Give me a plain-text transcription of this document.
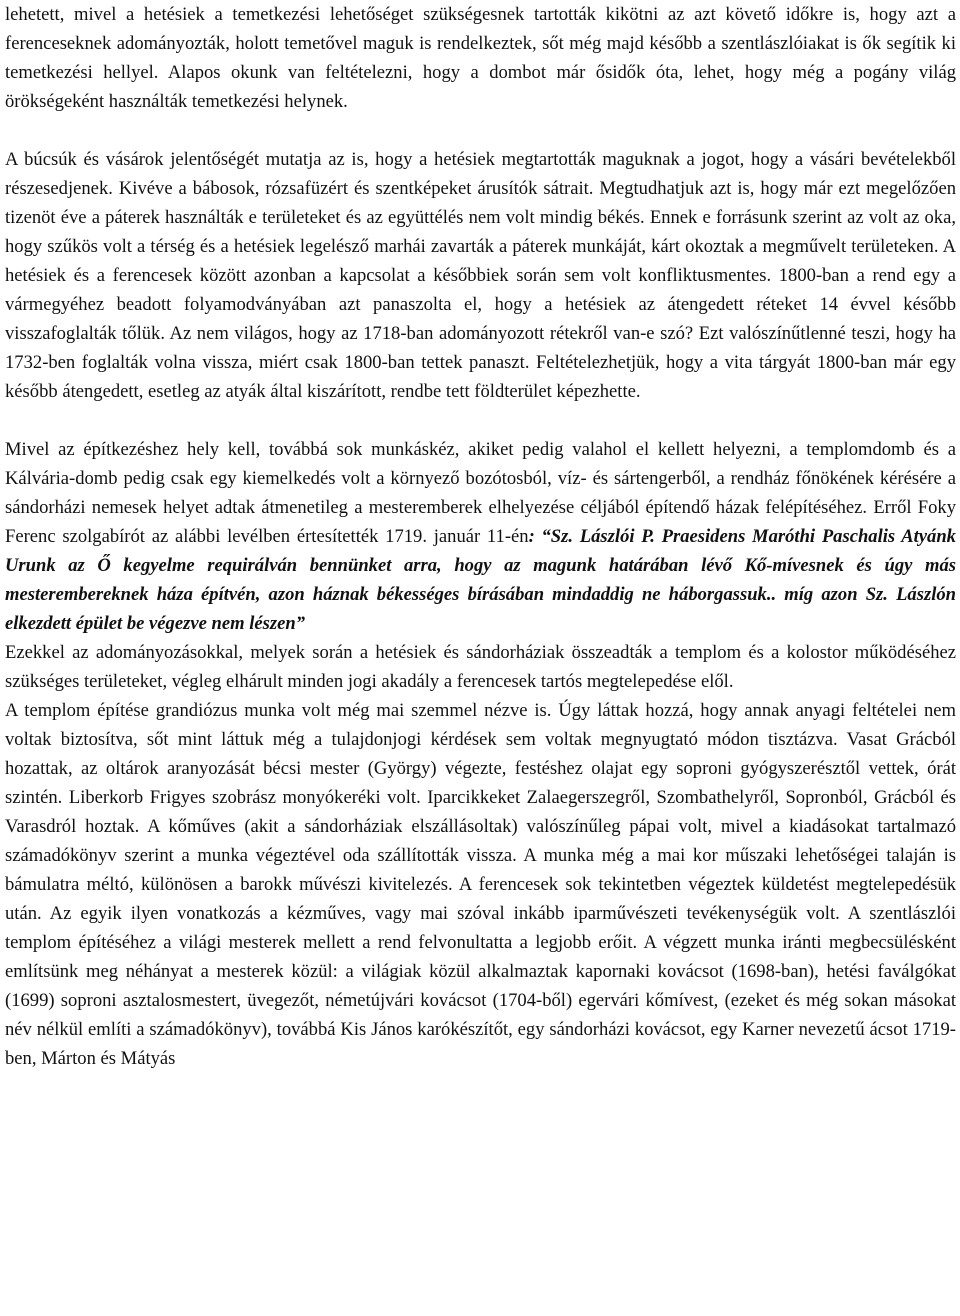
lehetett, mivel a hetésiek a temetkezési lehetőséget szükségesnek tartották kikötni az azt követő időkre is, hogy azt a ferenceseknek adományozták, holott temetővel maguk is rendelkeztek, sőt még majd később a szentlászlóiakat is ők segítik ki temetkezési hellyel. Alapos okunk van feltételezni, hogy a dombot már ősidők óta, lehet, hogy még a pogány világ örökségeként használták temetkezési helynek.

A búcsúk és vásárok jelentőségét mutatja az is, hogy a hetésiek megtartották maguknak a jogot, hogy a vásári bevételekből részesedjenek. Kivéve a bábosok, rózsafüzért és szentképeket árusítók sátrait. Megtudhatjuk azt is, hogy már ezt megelőzően tizenöt éve a páterek használták e területeket és az együttélés nem volt mindig békés. Ennek e forrásunk szerint az volt az oka, hogy szűkös volt a térség és a hetésiek legelésző marhái zavarták a páterek munkáját, kárt okoztak a megművelt területeken. A hetésiek és a ferencesek között azonban a kapcsolat a későbbiek során sem volt konfliktusmentes. 1800-ban a rend egy a vármegyéhez beadott folyamodványában azt panaszolta el, hogy a hetésiek az átengedett réteket 14 évvel később visszafoglalták tőlük. Az nem világos, hogy az 1718-ban adományozott rétekről van-e szó? Ezt valószínűtlenné teszi, hogy ha 1732-ben foglalták volna vissza, miért csak 1800-ban tettek panaszt. Feltételezhetjük, hogy a vita tárgyát 1800-ban már egy később átengedett, esetleg az atyák által kiszárított, rendbe tett földterület képezhette.

Mivel az építkezéshez hely kell, továbbá sok munkáskéz, akiket pedig valahol el kellett helyezni, a templomdomb és a Kálvária-domb pedig csak egy kiemelkedés volt a környező bozótosból, víz- és sártengerből, a rendház főnökének kérésére a sándorházi nemesek helyet adtak átmenetileg a mesteremberek elhelyezése céljából építendő házak felépítéséhez. Erről Foky Ferenc szolgabírót az alábbi levélben értesítették 1719. január 11-én: “Sz. Lászlói P. Praesidens Maróthi Paschalis Atyánk Urunk az Ő kegyelme requirálván bennünket arra, hogy az magunk határában lévő Kő-mívesnek és úgy más mesterembereknek háza építvén, azon háznak békességes bírásában mindaddig ne háborgassuk.. míg azon Sz. Lászlón elkezdett épület be végezve nem lészen”

Ezekkel az adományozásokkal, melyek során a hetésiek és sándorháziak összeadták a templom és a kolostor működéséhez szükséges területeket, végleg elhárult minden jogi akadály a ferencesek tartós megtelepedése elől.

A templom építése grandiózus munka volt még mai szemmel nézve is. Úgy láttak hozzá, hogy annak anyagi feltételei nem voltak biztosítva, sőt mint láttuk még a tulajdonjogi kérdések sem voltak megnyugtató módon tisztázva. Vasat Grácból hozattak, az oltárok aranyozását bécsi mester (György) végezte, festéshez olajat egy soproni gyógyszerésztől vettek, órát szintén. Liberkorb Frigyes szobrász monyókeréki volt. Iparcikkeket Zalaegerszegről, Szombathelyről, Sopronból, Grácból és Varasdról hoztak. A kőműves (akit a sándorháziak elszállásoltak) valószínűleg pápai volt, mivel a kiadásokat tartalmazó számadókönyv szerint a munka végeztével oda szállították vissza. A munka még a mai kor műszaki lehetőségei talaján is bámulatra méltó, különösen a barokk művészi kivitelezés. A ferencesek sok tekintetben végeztek küldetést megtelepedésük után. Az egyik ilyen vonatkozás a kézműves, vagy mai szóval inkább iparművészeti tevékenységük volt. A szentlászlói templom építéséhez a világi mesterek mellett a rend felvonultatta a legjobb erőit. A végzett munka iránti megbecsülésként említsünk meg néhányat a mesterek közül: a világiak közül alkalmaztak kapornaki kovácsot (1698-ban), hetési faválgókat (1699) soproni asztalosmestert, üvegezőt, németújvári kovácsot (1704-ből) egervári kőmívest, (ezeket és még sokan másokat név nélkül említi a számadókönyv), továbbá Kis János karókészítőt, egy sándorházi kovácsot, egy Karner nevezetű ácsot 1719-ben, Márton és Mátyás
